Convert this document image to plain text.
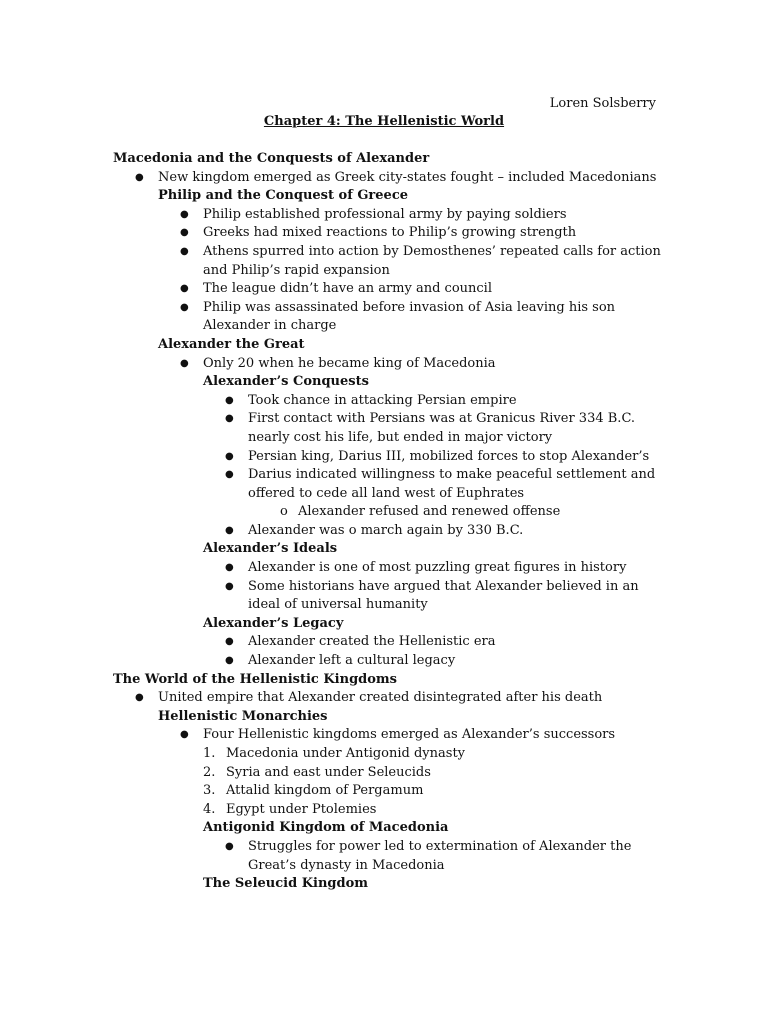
Loren Solsberry
Chapter 4: The Hellenistic World
Macedonia and the Conquests of Alexander
● New kingdom emerged as Greek city-states fought – included Macedonians
Philip and the Conquest of Greece
● Philip established professional army by paying soldiers
● Greeks had mixed reactions to Philip’s growing strength
● Athens spurred into action by Demosthenes’ repeated calls for action and Philip’s rapid expansion
● The league didn’t have an army and council
● Philip was assassinated before invasion of Asia leaving his son Alexander in charge
Alexander the Great
● Only 20 when he became king of Macedonia
Alexander’s Conquests
● Took chance in attacking Persian empire
● First contact with Persians was at Granicus River 334 B.C. nearly cost his life, but ended in major victory
● Persian king, Darius III, mobilized forces to stop Alexander’s
● Darius indicated willingness to make peaceful settlement and offered to cede all land west of Euphrates
o Alexander refused and renewed offense
● Alexander was o march again by 330 B.C.
Alexander’s Ideals
● Alexander is one of most puzzling great figures in history
● Some historians have argued that Alexander believed in an ideal of universal humanity
Alexander’s Legacy
● Alexander created the Hellenistic era
● Alexander left a cultural legacy
The World of the Hellenistic Kingdoms
● United empire that Alexander created disintegrated after his death
Hellenistic Monarchies
● Four Hellenistic kingdoms emerged as Alexander’s successors
1. Macedonia under Antigonid dynasty
2. Syria and east under Seleucids
3. Attalid kingdom of Pergamum
4. Egypt under Ptolemies
Antigonid Kingdom of Macedonia
● Struggles for power led to extermination of Alexander the Great’s dynasty in Macedonia
The Seleucid Kingdom
